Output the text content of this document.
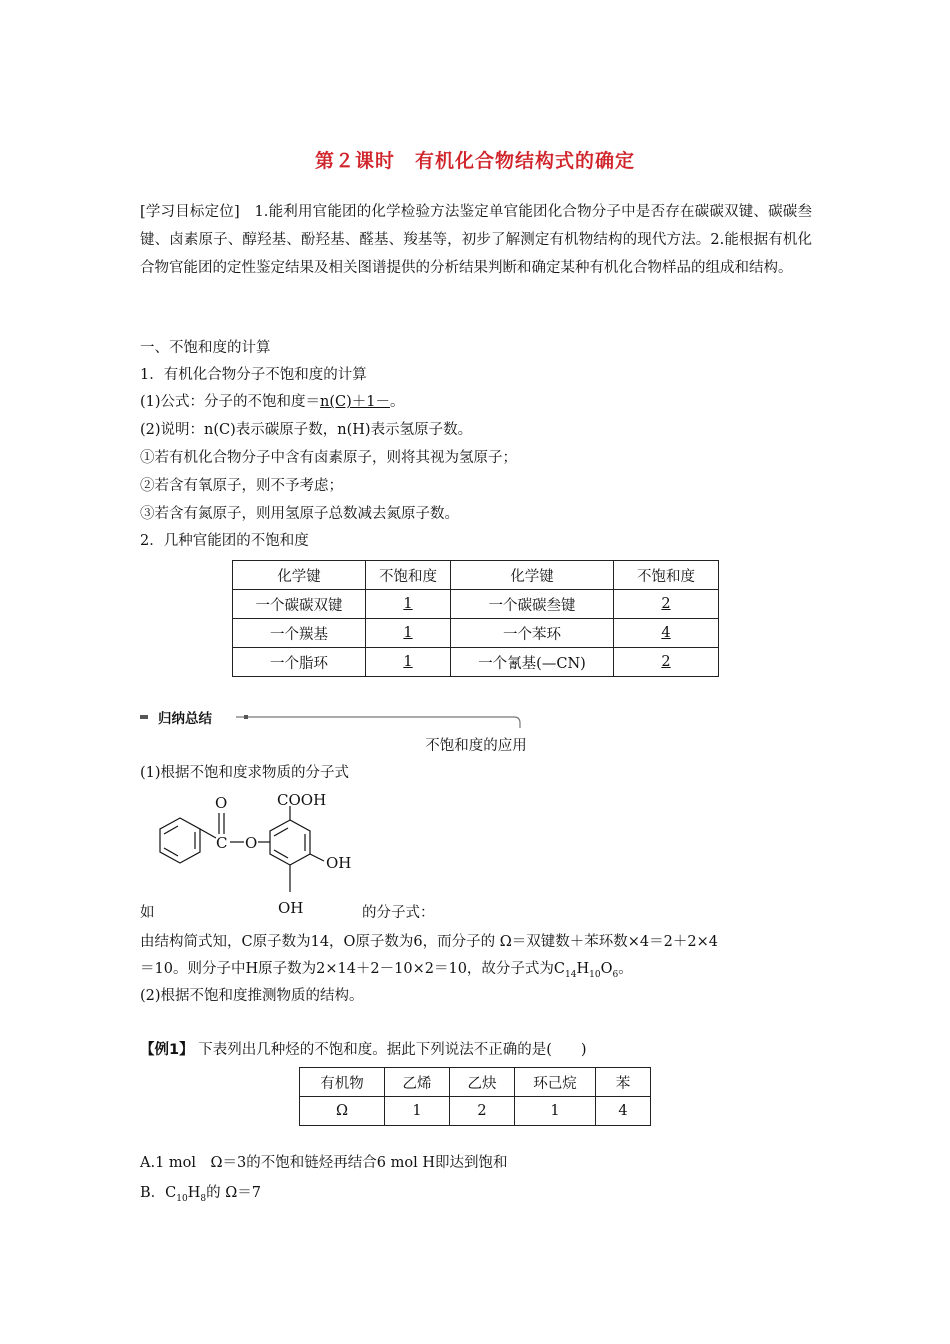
第２课时　有机化合物结构式的确定
[学习目标定位]　1.能利用官能团的化学检验方法鉴定单官能团化合物分子中是否存在碳碳双键、碳碳叁键、卤素原子、醇羟基、酚羟基、醛基、羧基等，初步了解测定有机物结构的现代方法。2.能根据有机化合物官能团的定性鉴定结果及相关图谱提供的分析结果判断和确定某种有机化合物样品的组成和结构。
一、不饱和度的计算
1．有机化合物分子不饱和度的计算
(1)公式：分子的不饱和度＝n(C)＋1－。
(2)说明：n(C)表示碳原子数，n(H)表示氢原子数。
①若有机化合物分子中含有卤素原子，则将其视为氢原子；
②若含有氧原子，则不予考虑；
③若含有氮原子，则用氢原子总数减去氮原子数。
2．几种官能团的不饱和度
化学键	不饱和度	化学键	不饱和度
一个碳碳双键	1	一个碳碳叁键	2
一个羰基	1	一个苯环	4
一个脂环	1	一个氰基(—CN)	2
归纳总结
不饱和度的应用
(1)根据不饱和度求物质的分子式
O
C O
COOH
OH
OH
如	的分子式：
由结构简式知，C原子数为14，O原子数为6，而分子的 Ω＝双键数＋苯环数×4＝2＋2×4
＝10。则分子中H原子数为2×14＋2－10×2＝10，故分子式为$C_{14}H_{10}O_6$。
(2)根据不饱和度推测物质的结构。
【例1】 下表列出几种烃的不饱和度。据此下列说法不正确的是(　　)
有机物	乙烯	乙炔	环己烷	苯
Ω	1	2	1	4
A.1 mol　Ω＝3的不饱和链烃再结合6 mol H即达到饱和
B．$C_{10}H_8$的 Ω＝7
